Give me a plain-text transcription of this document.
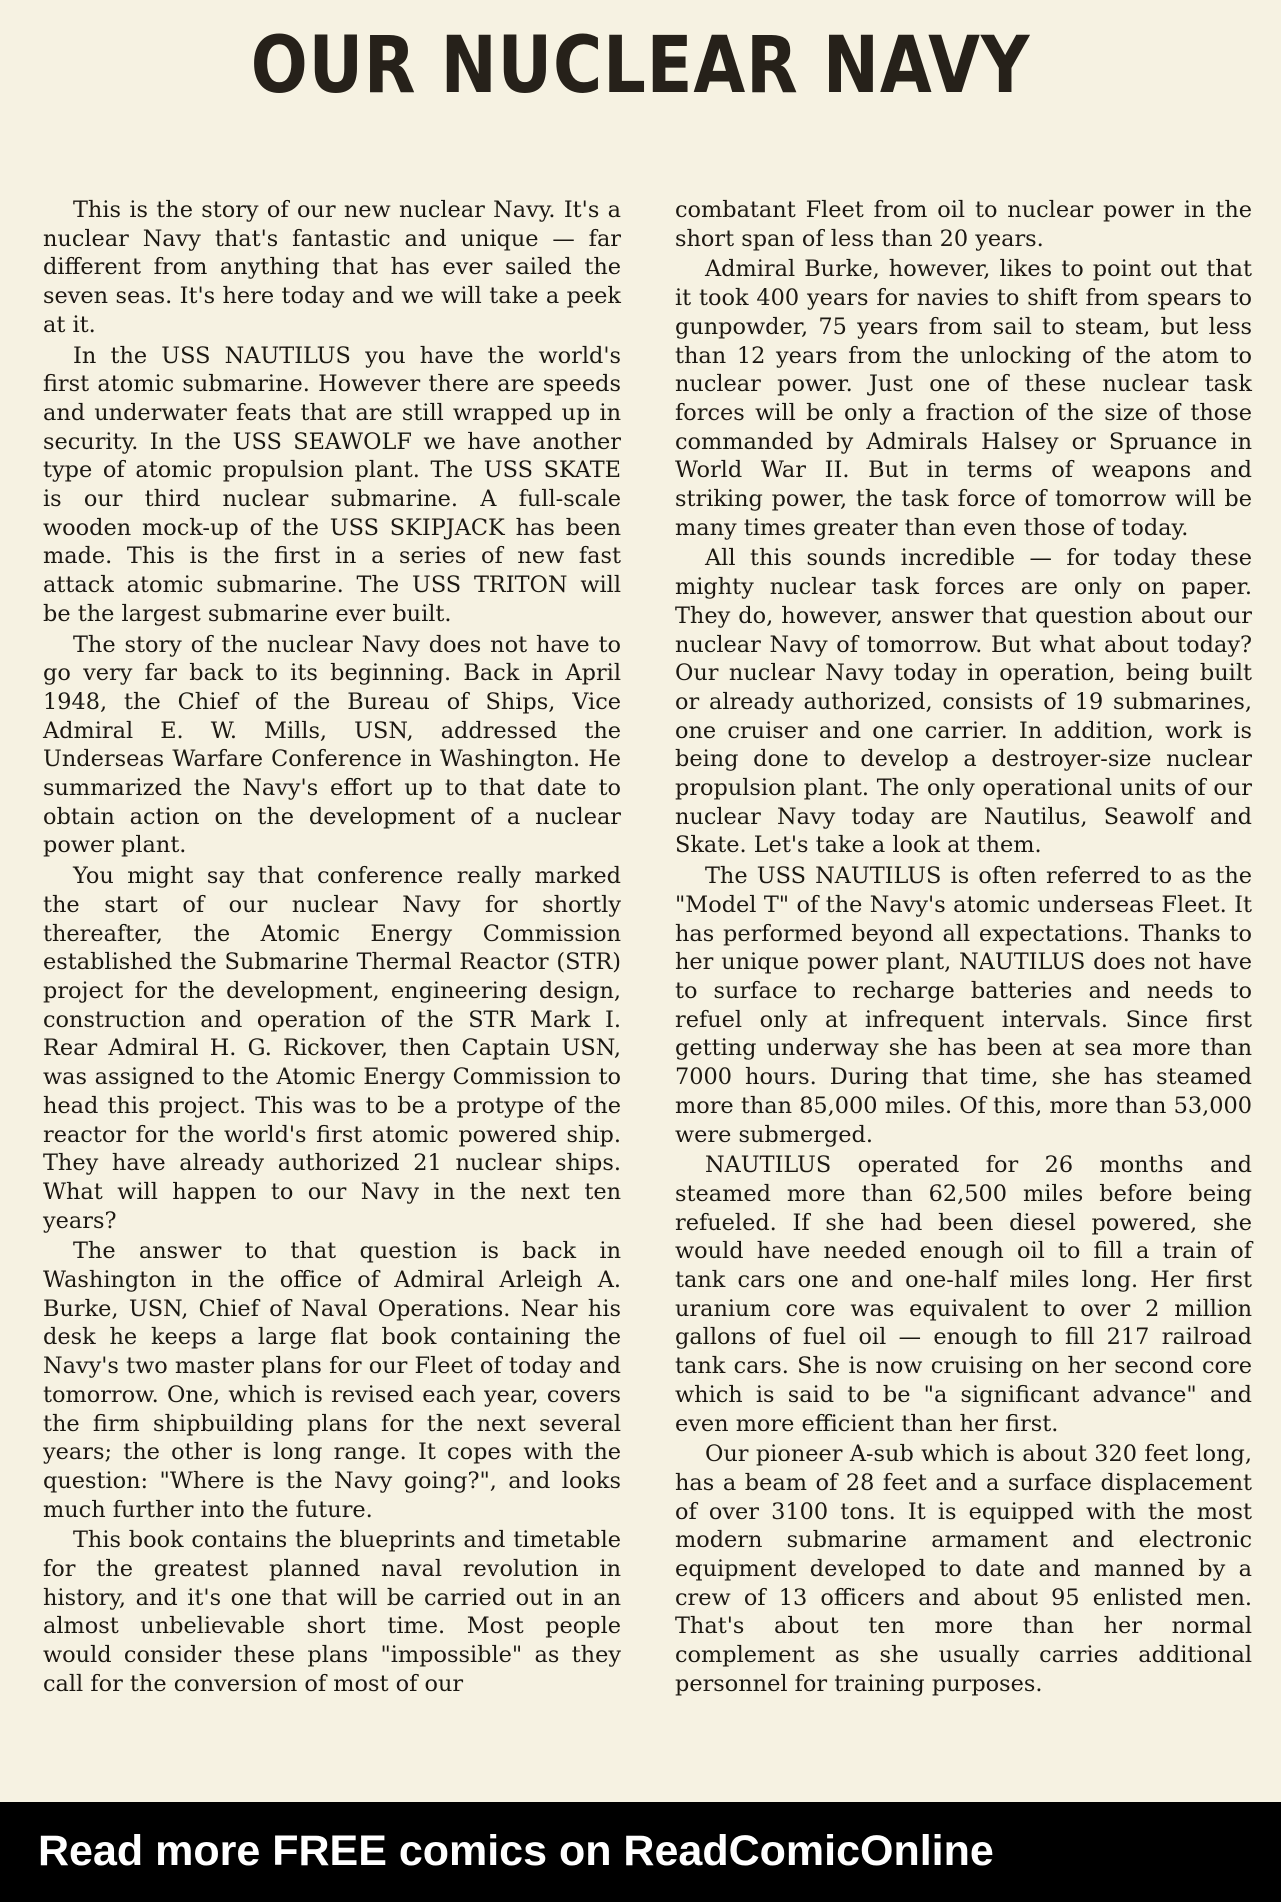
OUR NUCLEAR NAVY

This is the story of our new nuclear Navy. It's a nuclear Navy that's fantastic and unique — far different from anything that has ever sailed the seven seas. It's here today and we will take a peek at it.

In the USS NAUTILUS you have the world's first atomic submarine. However there are speeds and underwater feats that are still wrapped up in security. In the USS SEAWOLF we have another type of atomic propulsion plant. The USS SKATE is our third nuclear submarine. A full-scale wooden mock-up of the USS SKIPJACK has been made. This is the first in a series of new fast attack atomic submarine. The USS TRITON will be the largest submarine ever built.

The story of the nuclear Navy does not have to go very far back to its beginning. Back in April 1948, the Chief of the Bureau of Ships, Vice Admiral E. W. Mills, USN, addressed the Underseas Warfare Conference in Washington. He summarized the Navy's effort up to that date to obtain action on the development of a nuclear power plant.

You might say that conference really marked the start of our nuclear Navy for shortly thereafter, the Atomic Energy Commission established the Submarine Thermal Reactor (STR) project for the development, engineering design, construction and operation of the STR Mark I. Rear Admiral H. G. Rickover, then Captain USN, was assigned to the Atomic Energy Commission to head this project. This was to be a protype of the reactor for the world's first atomic powered ship. They have already authorized 21 nuclear ships. What will happen to our Navy in the next ten years?

The answer to that question is back in Washington in the office of Admiral Arleigh A. Burke, USN, Chief of Naval Operations. Near his desk he keeps a large flat book containing the Navy's two master plans for our Fleet of today and tomorrow. One, which is revised each year, covers the firm shipbuilding plans for the next several years; the other is long range. It copes with the question: "Where is the Navy going?", and looks much further into the future.

This book contains the blueprints and timetable for the greatest planned naval revolution in history, and it's one that will be carried out in an almost unbelievable short time. Most people would consider these plans "impossible" as they call for the conversion of most of our

combatant Fleet from oil to nuclear power in the short span of less than 20 years.

Admiral Burke, however, likes to point out that it took 400 years for navies to shift from spears to gunpowder, 75 years from sail to steam, but less than 12 years from the unlocking of the atom to nuclear power. Just one of these nuclear task forces will be only a fraction of the size of those commanded by Admirals Halsey or Spruance in World War II. But in terms of weapons and striking power, the task force of tomorrow will be many times greater than even those of today.

All this sounds incredible — for today these mighty nuclear task forces are only on paper. They do, however, answer that question about our nuclear Navy of tomorrow. But what about today? Our nuclear Navy today in operation, being built or already authorized, consists of 19 submarines, one cruiser and one carrier. In addition, work is being done to develop a destroyer-size nuclear propulsion plant. The only operational units of our nuclear Navy today are Nautilus, Seawolf and Skate. Let's take a look at them.

The USS NAUTILUS is often referred to as the "Model T" of the Navy's atomic underseas Fleet. It has performed beyond all expectations. Thanks to her unique power plant, NAUTILUS does not have to surface to recharge batteries and needs to refuel only at infrequent intervals. Since first getting underway she has been at sea more than 7000 hours. During that time, she has steamed more than 85,000 miles. Of this, more than 53,000 were submerged.

NAUTILUS operated for 26 months and steamed more than 62,500 miles before being refueled. If she had been diesel powered, she would have needed enough oil to fill a train of tank cars one and one-half miles long. Her first uranium core was equivalent to over 2 million gallons of fuel oil — enough to fill 217 railroad tank cars. She is now cruising on her second core which is said to be "a significant advance" and even more efficient than her first.

Our pioneer A-sub which is about 320 feet long, has a beam of 28 feet and a surface displacement of over 3100 tons. It is equipped with the most modern submarine armament and electronic equipment developed to date and manned by a crew of 13 officers and about 95 enlisted men. That's about ten more than her normal complement as she usually carries additional personnel for training purposes.

Read more FREE comics on ReadComicOnline
